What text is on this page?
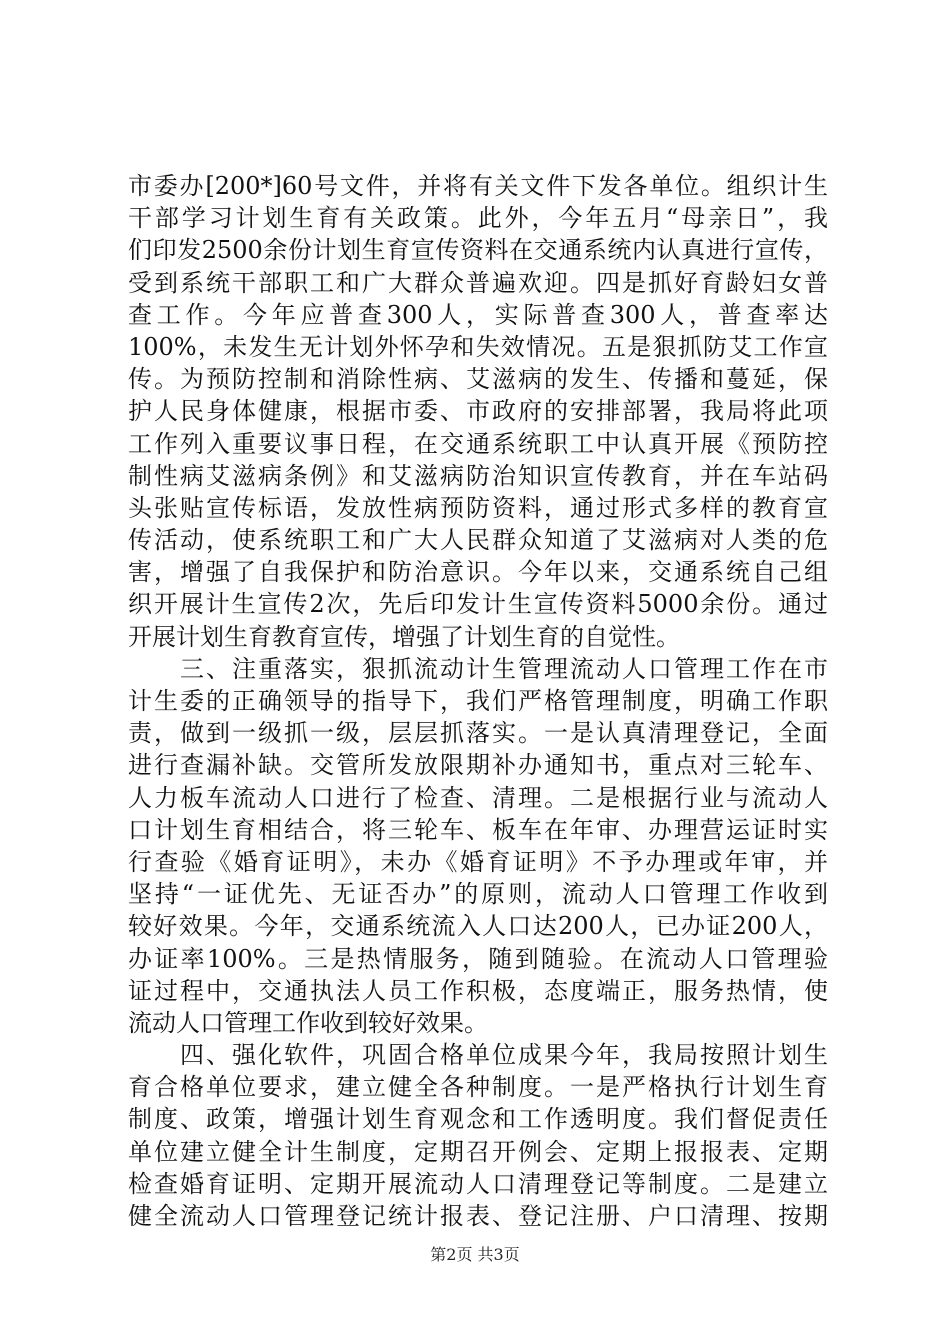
市委办[200*]60号文件，并将有关文件下发各单位。组织计生
干部学习计划生育有关政策。此外，今年五月“母亲日”，我
们印发2500余份计划生育宣传资料在交通系统内认真进行宣传，
受到系统干部职工和广大群众普遍欢迎。四是抓好育龄妇女普
查工作。今年应普查300人，实际普查300人，普查率达
100%，未发生无计划外怀孕和失效情况。五是狠抓防艾工作宣
传。为预防控制和消除性病、艾滋病的发生、传播和蔓延，保
护人民身体健康，根据市委、市政府的安排部署，我局将此项
工作列入重要议事日程，在交通系统职工中认真开展《预防控
制性病艾滋病条例》和艾滋病防治知识宣传教育，并在车站码
头张贴宣传标语，发放性病预防资料，通过形式多样的教育宣
传活动，使系统职工和广大人民群众知道了艾滋病对人类的危
害，增强了自我保护和防治意识。今年以来，交通系统自己组
织开展计生宣传2次，先后印发计生宣传资料5000余份。通过
开展计划生育教育宣传，增强了计划生育的自觉性。
　　三、注重落实，狠抓流动计生管理流动人口管理工作在市
计生委的正确领导的指导下，我们严格管理制度，明确工作职
责，做到一级抓一级，层层抓落实。一是认真清理登记，全面
进行查漏补缺。交管所发放限期补办通知书，重点对三轮车、
人力板车流动人口进行了检查、清理。二是根据行业与流动人
口计划生育相结合，将三轮车、板车在年审、办理营运证时实
行查验《婚育证明》，未办《婚育证明》不予办理或年审，并
坚持“一证优先、无证否办”的原则，流动人口管理工作收到
较好效果。今年，交通系统流入人口达200人，已办证200人，
办证率100%。三是热情服务，随到随验。在流动人口管理验
证过程中，交通执法人员工作积极，态度端正，服务热情，使
流动人口管理工作收到较好效果。
　　四、强化软件，巩固合格单位成果今年，我局按照计划生
育合格单位要求，建立健全各种制度。一是严格执行计划生育
制度、政策，增强计划生育观念和工作透明度。我们督促责任
单位建立健全计生制度，定期召开例会、定期上报报表、定期
检查婚育证明、定期开展流动人口清理登记等制度。二是建立
健全流动人口管理登记统计报表、登记注册、户口清理、按期
第2页 共3页
